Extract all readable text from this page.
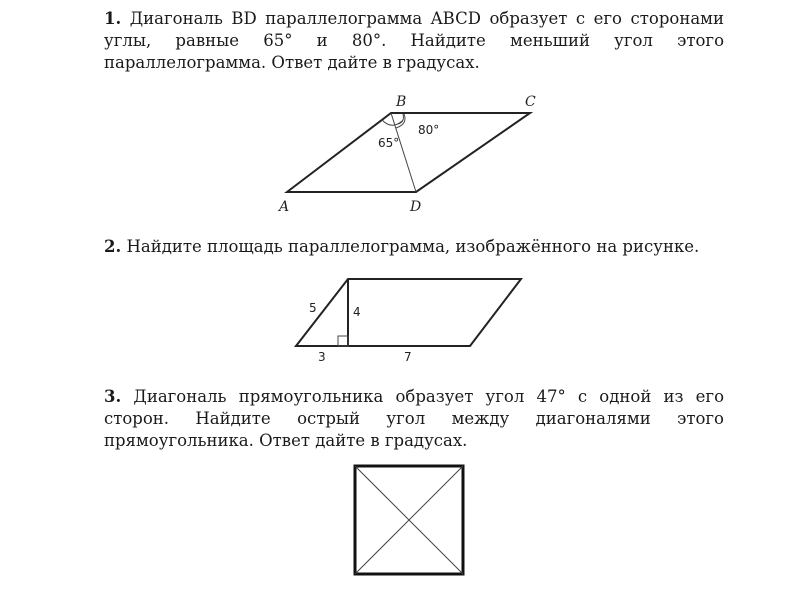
1. Диагональ BD параллелограмма ABCD образует с его сторонами углы, равные 65° и 80°. Найдите меньший угол этого параллелограмма. Ответ дайте в градусах.

A
B	C
D
65°
80°

2. Найдите площадь параллелограмма, изображённого на рисунке.

5	4
3	7

3. Диагональ прямоугольника образует угол 47° с одной из его сторон. Найдите острый угол между диагоналями этого прямоугольника. Ответ дайте в градусах.
